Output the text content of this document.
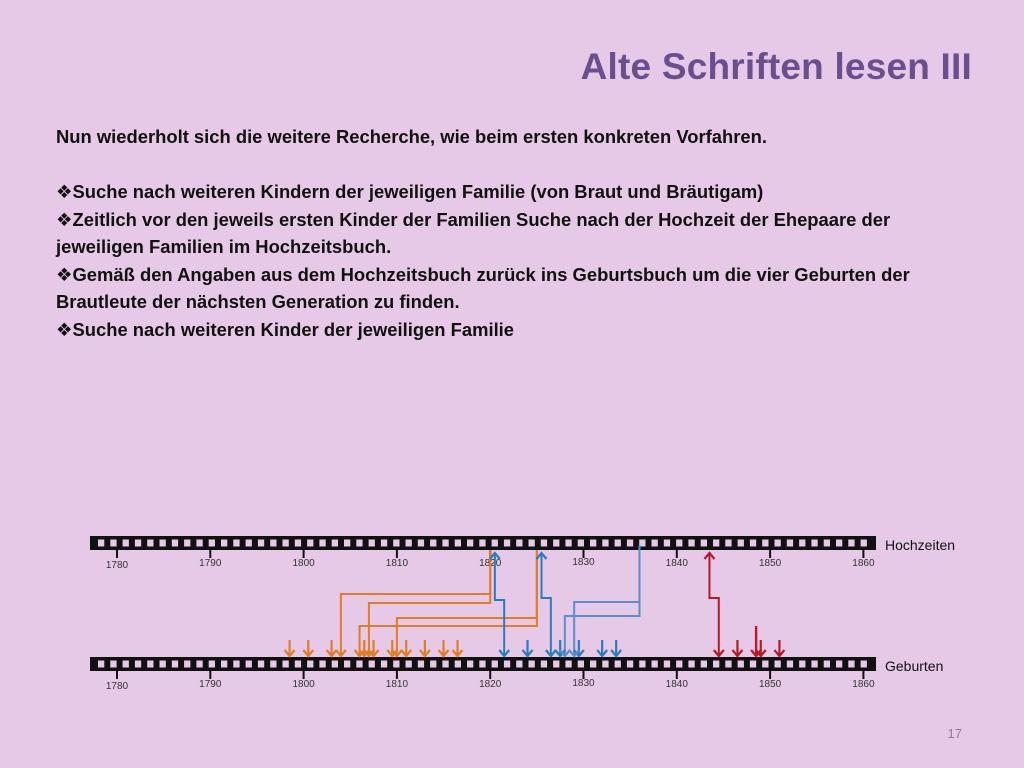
Alte Schriften lesen III

Nun wiederholt sich die weitere Recherche, wie beim ersten konkreten Vorfahren.

❖Suche nach weiteren Kindern der jeweiligen Familie (von Braut und Bräutigam)

❖Zeitlich vor den jeweils ersten Kinder der Familien Suche nach der Hochzeit der Ehepaare der jeweiligen Familien im Hochzeitsbuch.

❖Gemäß den Angaben aus dem Hochzeitsbuch zurück ins Geburtsbuch um die vier Geburten der Brautleute der nächsten Generation zu finden.

❖Suche nach weiteren Kinder der jeweiligen Familie

1780	1790	1800	1810	1820	1830	1840	1850	1860
1780	1790	1800	1810	1820	1830	1840	1850	1860
Hochzeiten
Geburten
17
